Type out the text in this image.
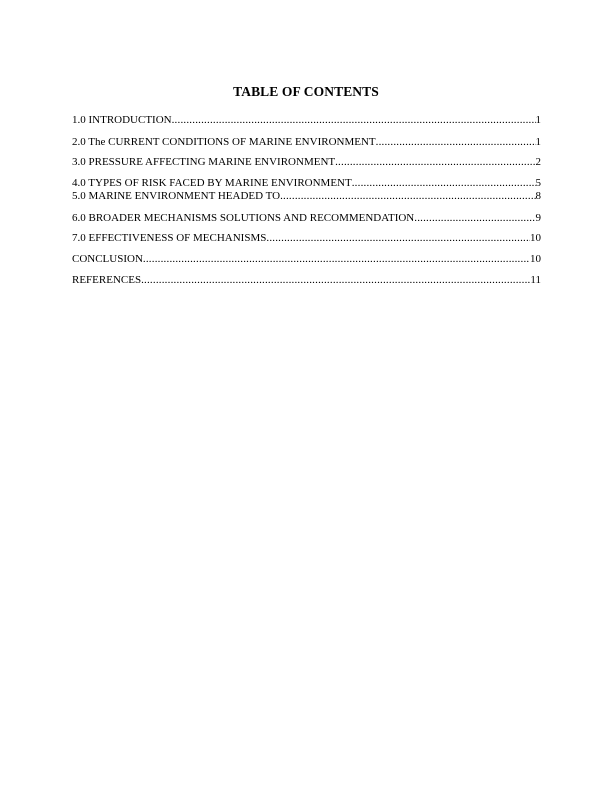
TABLE OF CONTENTS
1.0 INTRODUCTION .....	1
2.0 The CURRENT CONDITIONS OF MARINE ENVIRONMENT .....	1
3.0 PRESSURE AFFECTING MARINE ENVIRONMENT .....	2
4.0 TYPES OF RISK FACED BY MARINE ENVIRONMENT .....	5
5.0 MARINE ENVIRONMENT HEADED TO .....	8
6.0 BROADER MECHANISMS SOLUTIONS AND RECOMMENDATION .....	9
7.0 EFFECTIVENESS OF MECHANISMS .....	10
CONCLUSION .....	10
REFERENCES .....	11
